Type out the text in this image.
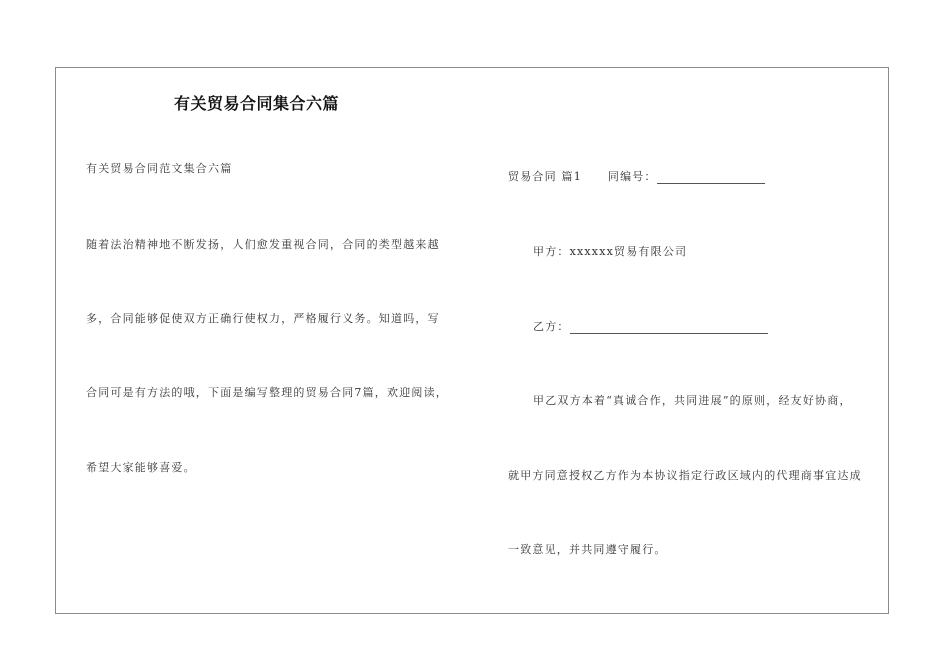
有关贸易合同集合六篇
有关贸易合同范文集合六篇
随着法治精神地不断发扬，人们愈发重视合同，合同的类型越来越
多，合同能够促使双方正确行使权力，严格履行义务。知道吗，写
合同可是有方法的哦，下面是编写整理的贸易合同7篇，欢迎阅读，
希望大家能够喜爱。
贸易合同 篇1 同编号：
甲方：xxxxxx贸易有限公司
乙方：
甲乙双方本着“真诚合作，共同进展”的原则，经友好协商，
就甲方同意授权乙方作为本协议指定行政区域内的代理商事宜达成
一致意见，并共同遵守履行。
